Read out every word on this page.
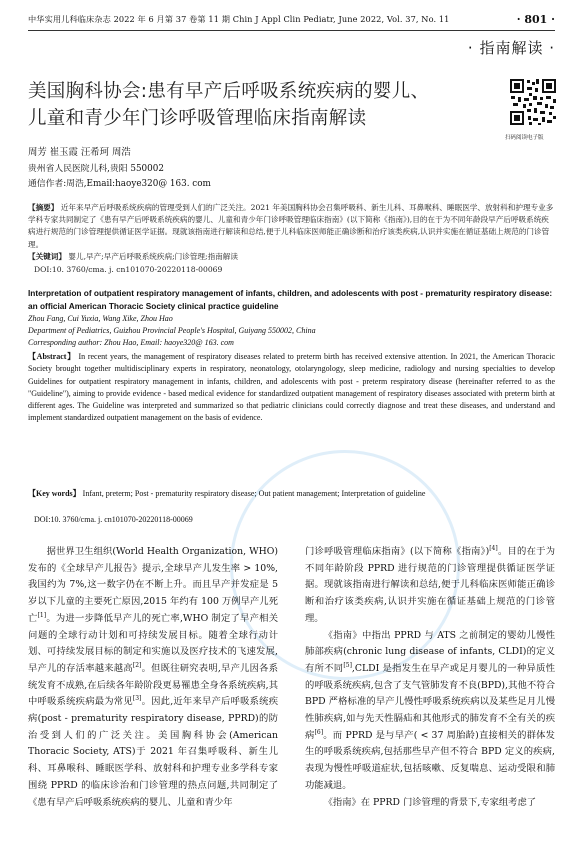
中华实用儿科临床杂志 2022 年 6 月第 37 卷第 11 期 Chin J Appl Clin Pediatr, June 2022, Vol. 37, No. 11	· 801 ·
· 指南解读 ·
美国胸科协会:患有早产后呼吸系统疾病的婴儿、
儿童和青少年门诊呼吸管理临床指南解读
扫码阅读电子版
周芳 崔玉霞 汪希珂 周浩
贵州省人民医院儿科,贵阳 550002
通信作者:周浩,Email:haoye320@ 163. com
【摘要】 近年来早产后呼吸系统疾病的管理受到人们的广泛关注。2021 年美国胸科协会召集呼吸科、新生儿科、耳鼻喉科、睡眠医学、放射科和护理专业多学科专家共同制定了《患有早产后呼吸系统疾病的婴儿、儿童和青少年门诊呼吸管理临床指南》(以下简称《指南》),目的在于为不同年龄段早产后呼吸系统疾病进行规范的门诊管理提供循证医学证据。现就该指南进行解读和总结,便于儿科临床医师能正确诊断和治疗该类疾病,认识并实施在循证基础上规范的门诊管理。
【关键词】 婴儿,早产;早产后呼吸系统疾病;门诊管理;指南解读
DOI:10. 3760/cma. j. cn101070-20220118-00069
Interpretation of outpatient respiratory management of infants, children, and adolescents with post - prematurity respiratory disease: an official American Thoracic Society clinical practice guideline
Zhou Fang, Cui Yuxia, Wang Xike, Zhou Hao
Department of Pediatrics, Guizhou Provincial People's Hospital, Guiyang 550002, China
Corresponding author: Zhou Hao, Email: haoye320@ 163. com
【Abstract】 In recent years, the management of respiratory diseases related to preterm birth has received extensive attention. In 2021, the American Thoracic Society brought together multidisciplinary experts in respiratory, neonatology, otolaryngology, sleep medicine, radiology and nursing specialties to develop Guidelines for outpatient respiratory management in infants, children, and adolescents with post - preterm respiratory disease (hereinafter referred to as the "Guideline"), aiming to provide evidence - based medical evidence for standardized outpatient management of respiratory diseases associated with preterm birth at different ages. The Guideline was interpreted and summarized so that pediatric clinicians could correctly diagnose and treat these diseases, and understand and implement standardized outpatient management on the basis of evidence.
【Key words】 Infant, preterm; Post - prematurity respiratory disease; Out patient management; Interpretation of guideline
DOI:10. 3760/cma. j. cn101070-20220118-00069

据世界卫生组织(World Health Organization, WHO)发布的《全球早产儿报告》提示,全球早产儿发生率 > 10%,我国约为 7%,这一数字仍在不断上升。而且早产并发症是 5 岁以下儿童的主要死亡原因,2015 年约有 100 万例早产儿死亡[1]。为进一步降低早产儿的死亡率,WHO 制定了早产相关问题的全球行动计划和可持续发展目标。随着全球行动计划、可持续发展目标的制定和实施以及医疗技术的飞速发展,早产儿的存活率越来越高[2]。但既往研究表明,早产儿因各系统发育不成熟,在后续各年龄阶段更易罹患全身各系统疾病,其中呼吸系统疾病最为常见[3]。因此,近年来早产后呼吸系统疾病(post - prematurity respiratory disease, PPRD)的防治受到人们的广泛关注。美国胸科协会(American Thoracic Society, ATS)于 2021 年召集呼吸科、新生儿科、耳鼻喉科、睡眠医学科、放射科和护理专业多学科专家围绕 PPRD 的临床诊治和门诊管理的热点问题,共同制定了《患有早产后呼吸系统疾病的婴儿、儿童和青少年

门诊呼吸管理临床指南》(以下简称《指南》)[4]。目的在于为不同年龄阶段 PPRD 进行规范的门诊管理提供循证医学证据。现就该指南进行解读和总结,便于儿科临床医师能正确诊断和治疗该类疾病,认识并实施在循证基础上规范的门诊管理。

《指南》中指出 PPRD 与 ATS 之前制定的婴幼儿慢性肺部疾病(chronic lung disease of infants, CLDI)的定义有所不同[5],CLDI 是指发生在早产或足月婴儿的一种异质性的呼吸系统疾病,包含了支气管肺发育不良(BPD),其他不符合 BPD 严格标准的早产儿慢性呼吸系统疾病以及某些足月儿慢性肺疾病,如与先天性膈疝和其他形式的肺发育不全有关的疾病[6]。而 PPRD 是与早产( < 37 周胎龄)直接相关的群体发生的呼吸系统疾病,包括那些早产但不符合 BPD 定义的疾病,表现为慢性呼吸道症状,包括咳嗽、反复喘息、运动受限和肺功能减退。

《指南》在 PPRD 门诊管理的背景下,专家组考虑了
